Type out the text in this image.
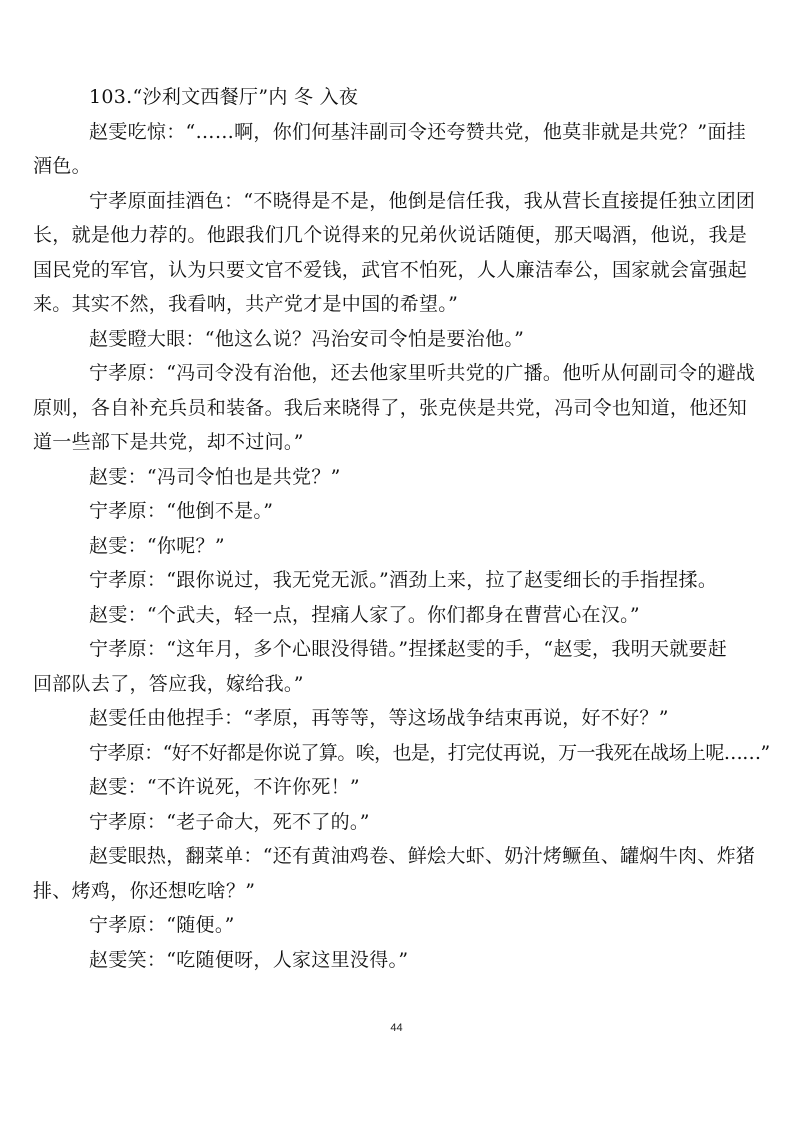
103.“沙利文西餐厅”内 冬 入夜
赵雯吃惊：“……啊，你们何基沣副司令还夸赞共党，他莫非就是共党？”面挂
酒色。
宁孝原面挂酒色：“不晓得是不是，他倒是信任我，我从营长直接提任独立团团
长，就是他力荐的。他跟我们几个说得来的兄弟伙说话随便，那天喝酒，他说，我是
国民党的军官，认为只要文官不爱钱，武官不怕死，人人廉洁奉公，国家就会富强起
来。其实不然，我看呐，共产党才是中国的希望。”
赵雯瞪大眼：“他这么说？冯治安司令怕是要治他。”
宁孝原：“冯司令没有治他，还去他家里听共党的广播。他听从何副司令的避战
原则，各自补充兵员和装备。我后来晓得了，张克侠是共党，冯司令也知道，他还知
道一些部下是共党，却不过问。”
赵雯：“冯司令怕也是共党？”
宁孝原：“他倒不是。”
赵雯：“你呢？”
宁孝原：“跟你说过，我无党无派。”酒劲上来，拉了赵雯细长的手指捏揉。
赵雯：“个武夫，轻一点，捏痛人家了。你们都身在曹营心在汉。”
宁孝原：“这年月，多个心眼没得错。”捏揉赵雯的手，“赵雯，我明天就要赶
回部队去了，答应我，嫁给我。”
赵雯任由他捏手：“孝原，再等等，等这场战争结束再说，好不好？”
宁孝原：“好不好都是你说了算。唉，也是，打完仗再说，万一我死在战场上呢……”
赵雯：“不许说死，不许你死！”
宁孝原：“老子命大，死不了的。”
赵雯眼热，翻菜单：“还有黄油鸡卷、鲜烩大虾、奶汁烤鳜鱼、罐焖牛肉、炸猪
排、烤鸡，你还想吃啥？”
宁孝原：“随便。”
赵雯笑：“吃随便呀，人家这里没得。”
44
